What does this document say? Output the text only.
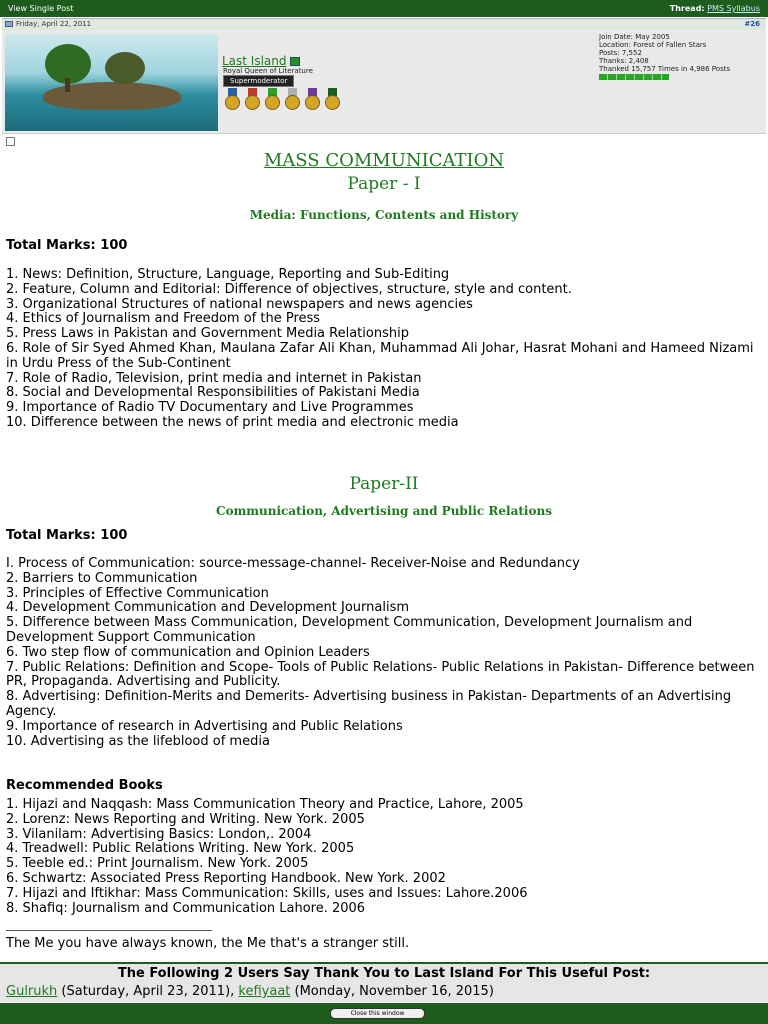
View Single Post	Thread: PMS Syllabus
Friday, April 22, 2011	#26
Last Island
Royal Queen of Literature
Supermoderator
Join Date: May 2005
Location: Forest of Fallen Stars
Posts: 7,552
Thanks: 2,408
Thanked 15,757 Times in 4,986 Posts
MASS COMMUNICATION
Paper - I
Media: Functions, Contents and History
Total Marks: 100
1. News: Definition, Structure, Language, Reporting and Sub-Editing
2. Feature, Column and Editorial: Difference of objectives, structure, style and content.
3. Organizational Structures of national newspapers and news agencies
4. Ethics of Journalism and Freedom of the Press
5. Press Laws in Pakistan and Government Media Relationship
6. Role of Sir Syed Ahmed Khan, Maulana Zafar Ali Khan, Muhammad Ali Johar, Hasrat Mohani and Hameed Nizami in Urdu Press of the Sub-Continent
7. Role of Radio, Television, print media and internet in Pakistan
8. Social and Developmental Responsibilities of Pakistani Media
9. Importance of Radio TV Documentary and Live Programmes
10. Difference between the news of print media and electronic media
Paper-II
Communication, Advertising and Public Relations
Total Marks: 100
I. Process of Communication: source-message-channel- Receiver-Noise and Redundancy
2. Barriers to Communication
3. Principles of Effective Communication
4. Development Communication and Development Journalism
5. Difference between Mass Communication, Development Communication, Development Journalism and Development Support Communication
6. Two step flow of communication and Opinion Leaders
7. Public Relations: Definition and Scope- Tools of Public Relations- Public Relations in Pakistan- Difference between PR, Propaganda. Advertising and Publicity.
8. Advertising: Definition-Merits and Demerits- Advertising business in Pakistan- Departments of an Advertising Agency.
9. Importance of research in Advertising and Public Relations
10. Advertising as the lifeblood of media
Recommended Books
1. Hijazi and Naqqash: Mass Communication Theory and Practice, Lahore, 2005
2. Lorenz: News Reporting and Writing. New York. 2005
3. Vilanilam: Advertising Basics: London,. 2004
4. Treadwell: Public Relations Writing. New York. 2005
5. Teeble ed.: Print Journalism. New York. 2005
6. Schwartz: Associated Press Reporting Handbook. New York. 2002
7. Hijazi and Iftikhar: Mass Communication: Skills, uses and Issues: Lahore.2006
8. Shafiq: Journalism and Communication Lahore. 2006
The Me you have always known, the Me that's a stranger still.
The Following 2 Users Say Thank You to Last Island For This Useful Post:
Gulrukh (Saturday, April 23, 2011), kefiyaat (Monday, November 16, 2015)
Close this window
